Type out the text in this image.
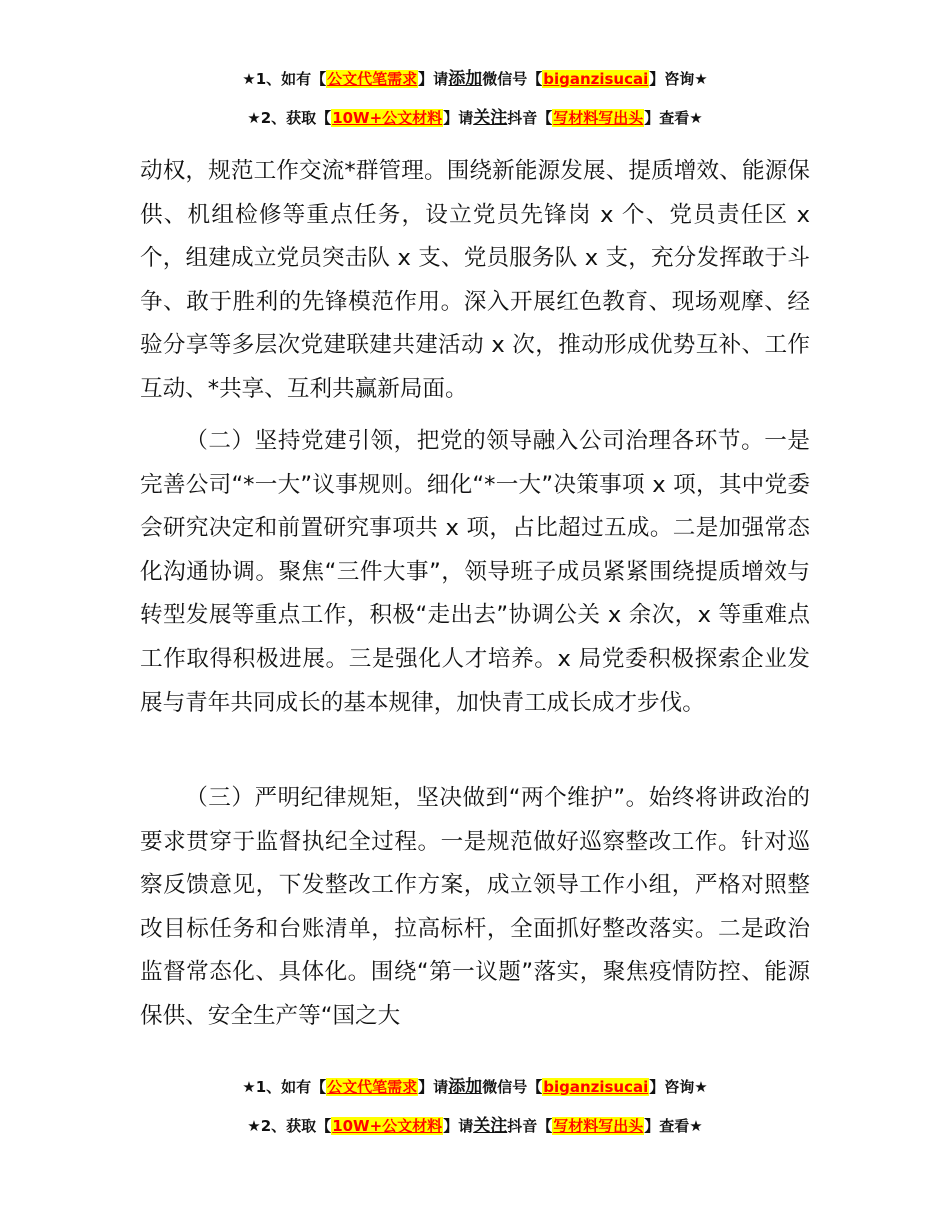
★1、如有【公文代笔需求】请添加微信号【biganzisucai】咨询★
★2、获取【10W+公文材料】请关注抖音【写材料写出头】查看★

动权，规范工作交流*群管理。围绕新能源发展、提质增效、能源保供、机组检修等重点任务，设立党员先锋岗 x 个、党员责任区 x 个，组建成立党员突击队 x 支、党员服务队 x 支，充分发挥敢于斗争、敢于胜利的先锋模范作用。深入开展红色教育、现场观摩、经验分享等多层次党建联建共建活动 x 次，推动形成优势互补、工作互动、*共享、互利共赢新局面。

（二）坚持党建引领，把党的领导融入公司治理各环节。一是完善公司“*一大”议事规则。细化“*一大”决策事项 x 项，其中党委会研究决定和前置研究事项共 x 项，占比超过五成。二是加强常态化沟通协调。聚焦“三件大事”，领导班子成员紧紧围绕提质增效与转型发展等重点工作，积极“走出去”协调公关 x 余次，x 等重难点工作取得积极进展。三是强化人才培养。x 局党委积极探索企业发展与青年共同成长的基本规律，加快青工成长成才步伐。

（三）严明纪律规矩，坚决做到“两个维护”。始终将讲政治的要求贯穿于监督执纪全过程。一是规范做好巡察整改工作。针对巡察反馈意见，下发整改工作方案，成立领导工作小组，严格对照整改目标任务和台账清单，拉高标杆，全面抓好整改落实。二是政治监督常态化、具体化。围绕“第一议题”落实，聚焦疫情防控、能源保供、安全生产等“国之大

★1、如有【公文代笔需求】请添加微信号【biganzisucai】咨询★
★2、获取【10W+公文材料】请关注抖音【写材料写出头】查看★
